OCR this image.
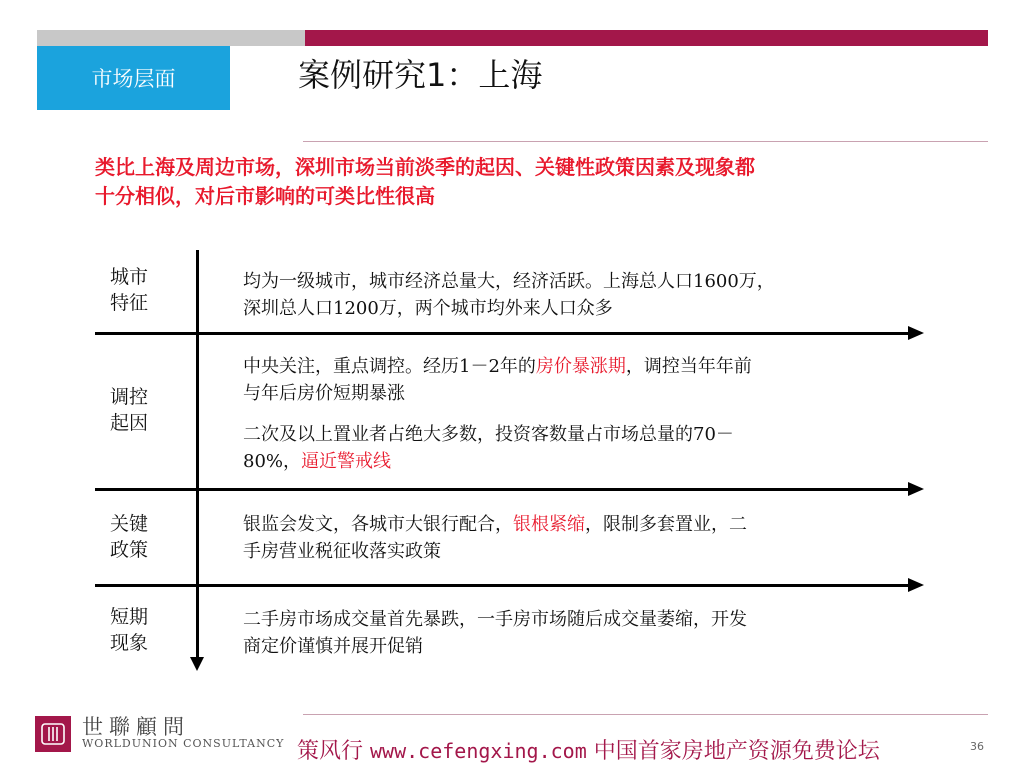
市场层面	案例研究1：上海
类比上海及周边市场，深圳市场当前淡季的起因、关键性政策因素及现象都
十分相似，对后市影响的可类比性很高
城市
特征
均为一级城市，城市经济总量大，经济活跃。上海总人口1600万，
深圳总人口1200万，两个城市均外来人口众多
调控
起因
中央关注，重点调控。经历1－2年的房价暴涨期，调控当年年前
与年后房价短期暴涨
二次及以上置业者占绝大多数，投资客数量占市场总量的70－
80%，逼近警戒线
关键
政策
银监会发文，各城市大银行配合，银根紧缩，限制多套置业，二
手房营业税征收落实政策
短期
现象
二手房市场成交量首先暴跌，一手房市场随后成交量萎缩，开发
商定价谨慎并展开促销
世聯顧問
WORLDUNION CONSULTANCY 策风行 www.cefengxing.com 中国首家房地产资源免费论坛	36
